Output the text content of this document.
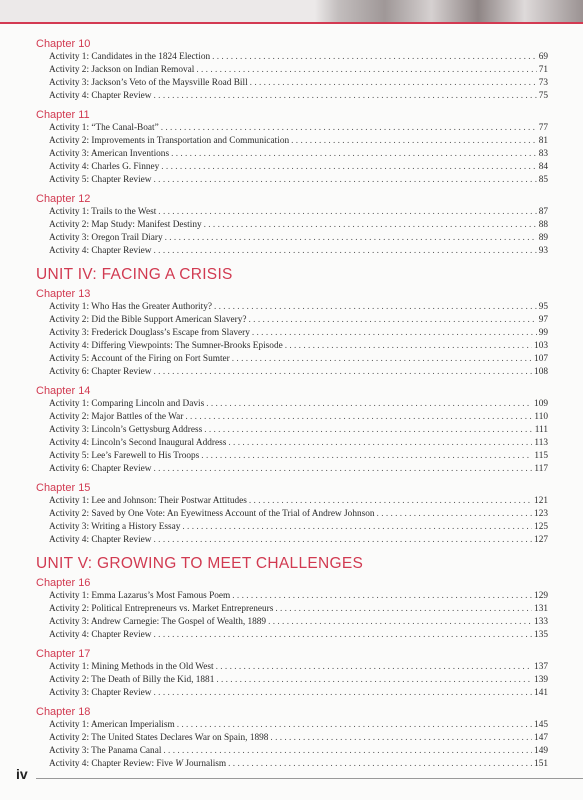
Chapter 10
Activity 1: Candidates in the 1824 Election . . .	69
Activity 2: Jackson on Indian Removal . . .	71
Activity 3: Jackson’s Veto of the Maysville Road Bill . . .	73
Activity 4: Chapter Review . . .	75
Chapter 11
Activity 1: “The Canal-Boat” . . .	77
Activity 2: Improvements in Transportation and Communication . . .	81
Activity 3: American Inventions . . .	83
Activity 4: Charles G. Finney . . .	84
Activity 5: Chapter Review . . .	85
Chapter 12
Activity 1: Trails to the West . . .	87
Activity 2: Map Study: Manifest Destiny . . .	88
Activity 3: Oregon Trail Diary . . .	89
Activity 4: Chapter Review . . .	93
UNIT IV: FACING A CRISIS
Chapter 13
Activity 1: Who Has the Greater Authority? . . .	95
Activity 2: Did the Bible Support American Slavery? . . .	97
Activity 3: Frederick Douglass’s Escape from Slavery . . .	99
Activity 4: Differing Viewpoints: The Sumner-Brooks Episode . . .	103
Activity 5: Account of the Firing on Fort Sumter . . .	107
Activity 6: Chapter Review . . .	108
Chapter 14
Activity 1: Comparing Lincoln and Davis . . .	109
Activity 2: Major Battles of the War . . .	110
Activity 3: Lincoln’s Gettysburg Address . . .	111
Activity 4: Lincoln’s Second Inaugural Address . . .	113
Activity 5: Lee’s Farewell to His Troops . . .	115
Activity 6: Chapter Review . . .	117
Chapter 15
Activity 1: Lee and Johnson: Their Postwar Attitudes . . .	121
Activity 2: Saved by One Vote: An Eyewitness Account of the Trial of Andrew Johnson . . .	123
Activity 3: Writing a History Essay . . .	125
Activity 4: Chapter Review . . .	127
UNIT V: GROWING TO MEET CHALLENGES
Chapter 16
Activity 1: Emma Lazarus’s Most Famous Poem . . .	129
Activity 2: Political Entrepreneurs vs. Market Entrepreneurs . . .	131
Activity 3: Andrew Carnegie: The Gospel of Wealth, 1889 . . .	133
Activity 4: Chapter Review . . .	135
Chapter 17
Activity 1: Mining Methods in the Old West . . .	137
Activity 2: The Death of Billy the Kid, 1881 . . .	139
Activity 3: Chapter Review . . .	141
Chapter 18
Activity 1: American Imperialism . . .	145
Activity 2: The United States Declares War on Spain, 1898 . . .	147
Activity 3: The Panama Canal . . .	149
Activity 4: Chapter Review: Five W Journalism . . .	151
iv
